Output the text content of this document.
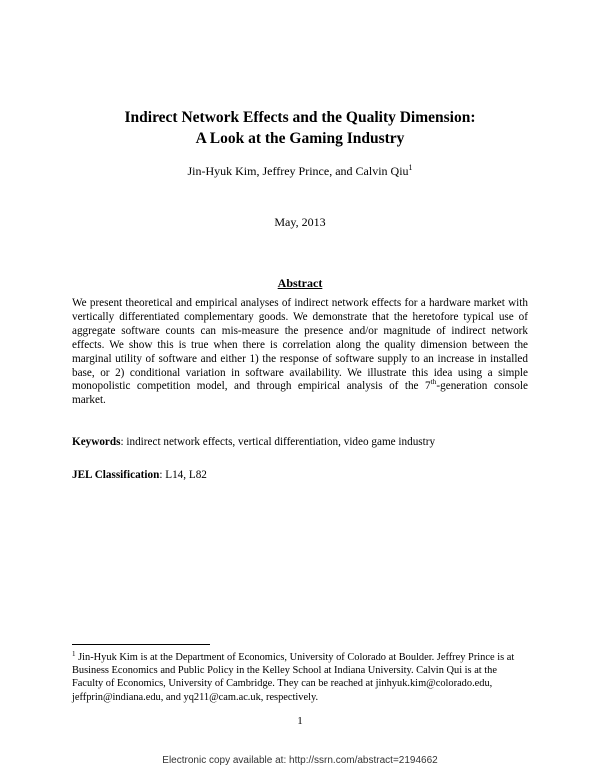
Indirect Network Effects and the Quality Dimension:
A Look at the Gaming Industry
Jin-Hyuk Kim, Jeffrey Prince, and Calvin Qiu$^1$
May, 2013
Abstract
We present theoretical and empirical analyses of indirect network effects for a hardware market with vertically differentiated complementary goods. We demonstrate that the heretofore typical use of aggregate software counts can mis-measure the presence and/or magnitude of indirect network effects. We show this is true when there is correlation along the quality dimension between the marginal utility of software and either 1) the response of software supply to an increase in installed base, or 2) conditional variation in software availability. We illustrate this idea using a simple monopolistic competition model, and through empirical analysis of the 7th-generation console market.
Keywords: indirect network effects, vertical differentiation, video game industry
JEL Classification: L14, L82
$^1$ Jin-Hyuk Kim is at the Department of Economics, University of Colorado at Boulder. Jeffrey Prince is at Business Economics and Public Policy in the Kelley School at Indiana University. Calvin Qui is at the Faculty of Economics, University of Cambridge. They can be reached at jinhyuk.kim@colorado.edu, jeffprin@indiana.edu, and yq211@cam.ac.uk, respectively.
1
Electronic copy available at: http://ssrn.com/abstract=2194662
